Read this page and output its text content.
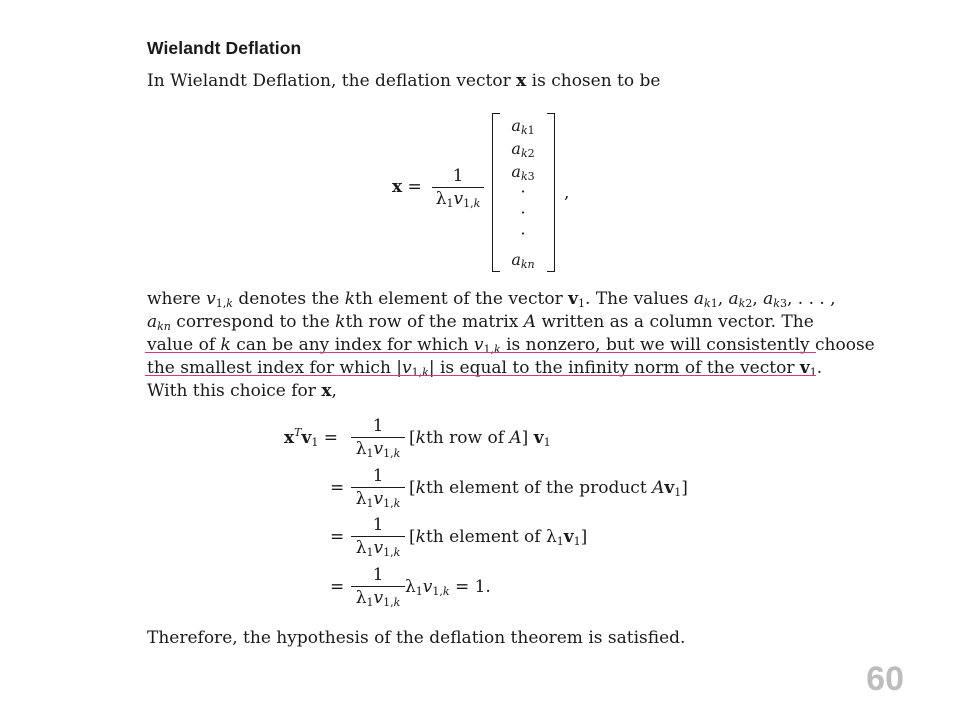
Wielandt Deflation
In Wielandt Deflation, the deflation vector x is chosen to be
x =
1
$\lambda_1v_{1,k}$
$a_{k1}$
$a_{k2}$
$a_{k3}$
·
·
·
$a_{kn}$
,
where $v_{1,k}$ denotes the kth element of the vector $v_1$. The values $a_{k1}$, $a_{k2}$, $a_{k3}$, . . . ,
$a_{kn}$ correspond to the kth row of the matrix A written as a column vector. The
value of k can be any index for which $v_{1,k}$ is nonzero, but we will consistently choose
the smallest index for which $|v_{1,k}|$ is equal to the infinity norm of the vector $v_1$.
With this choice for x,
$x^Tv_1$ =
1
$\lambda_1v_{1,k}$
[kth row of A] $v_1$
=
1
$\lambda_1v_{1,k}$
[kth element of the product $Av_1$]
=
1
$\lambda_1v_{1,k}$
[kth element of $\lambda_1v_1$]
=
1
$\lambda_1v_{1,k}$
$\lambda_1v_{1,k} = 1$.
Therefore, the hypothesis of the deflation theorem is satisfied.
60
